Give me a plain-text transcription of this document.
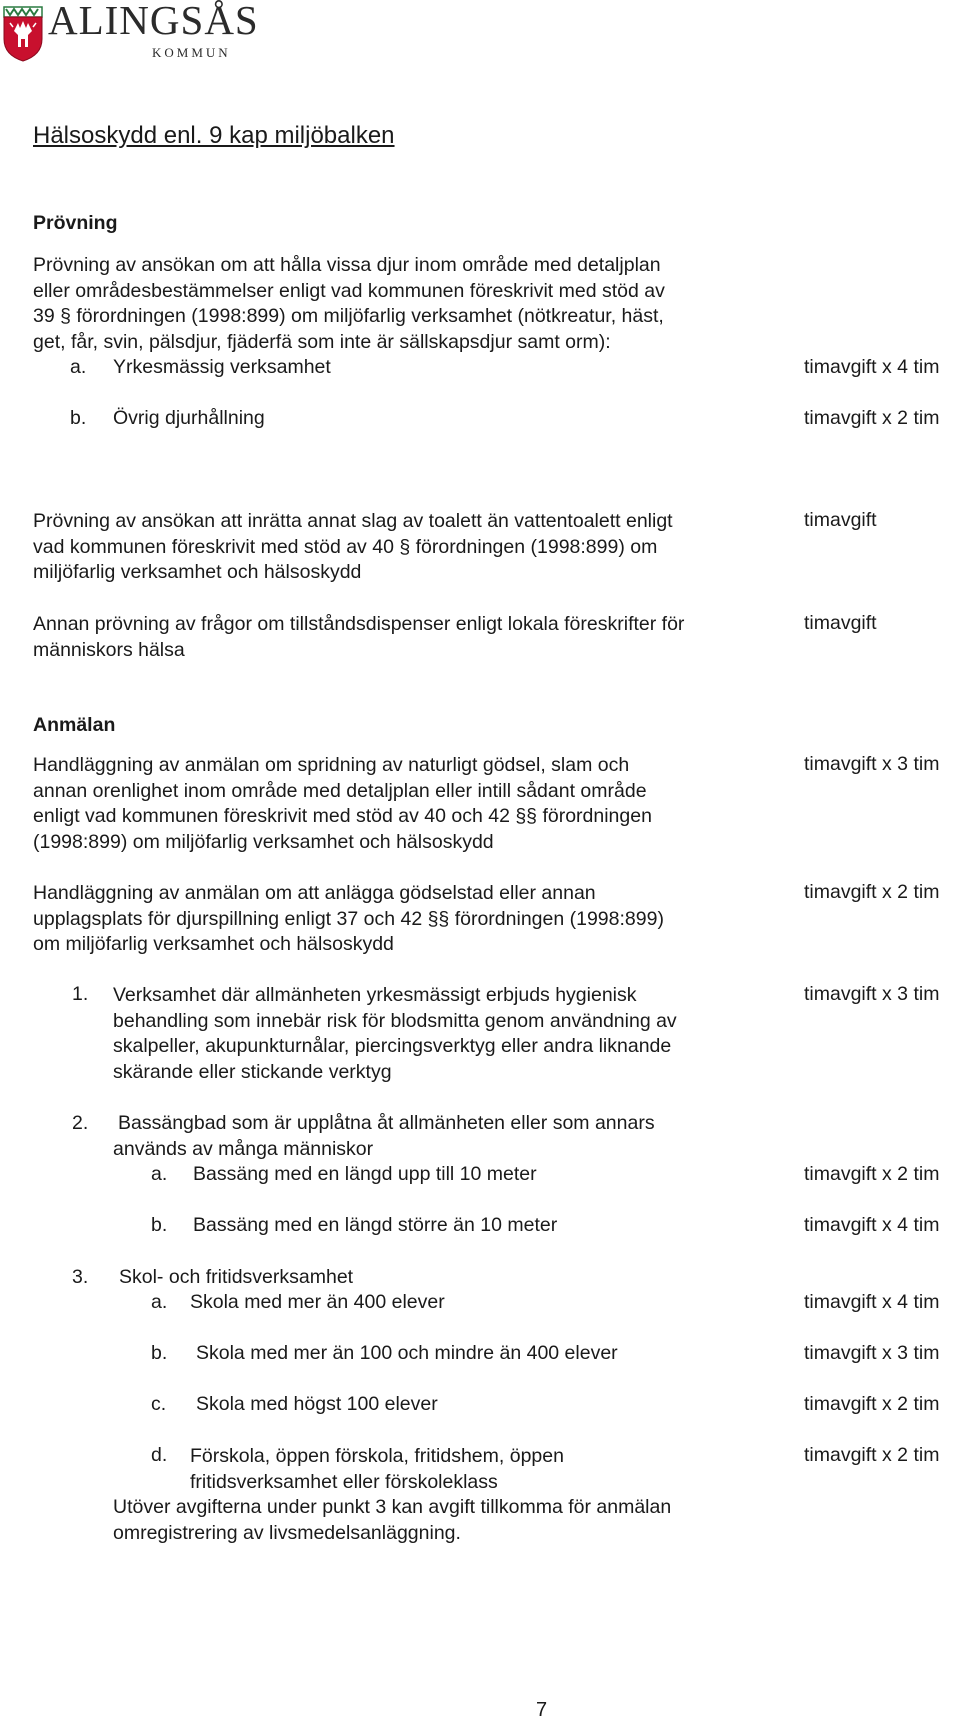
ALINGSÅS
KOMMUN
Hälsoskydd enl. 9 kap miljöbalken
Prövning
Prövning av ansökan om att hålla vissa djur inom område med detaljplan
eller områdesbestämmelser enligt vad kommunen föreskrivit med stöd av
39 § förordningen (1998:899) om miljöfarlig verksamhet (nötkreatur, häst,
get, får, svin, pälsdjur, fjäderfä som inte är sällskapsdjur samt orm):
a. Yrkesmässig verksamhet	timavgift x 4 tim
b. Övrig djurhållning	timavgift x 2 tim
Prövning av ansökan att inrätta annat slag av toalett än vattentoalett enligt
vad kommunen föreskrivit med stöd av 40 § förordningen (1998:899) om
miljöfarlig verksamhet och hälsoskydd
timavgift
Annan prövning av frågor om tillståndsdispenser enligt lokala föreskrifter för
människors hälsa
timavgift
Anmälan
Handläggning av anmälan om spridning av naturligt gödsel, slam och
annan orenlighet inom område med detaljplan eller intill sådant område
enligt vad kommunen föreskrivit med stöd av 40 och 42 §§ förordningen
(1998:899) om miljöfarlig verksamhet och hälsoskydd
timavgift x 3 tim
Handläggning av anmälan om att anlägga gödselstad eller annan
upplagsplats för djurspillning enligt 37 och 42 §§ förordningen (1998:899)
om miljöfarlig verksamhet och hälsoskydd
timavgift x 2 tim
1. Verksamhet där allmänheten yrkesmässigt erbjuds hygienisk
behandling som innebär risk för blodsmitta genom användning av
skalpeller, akupunkturnålar, piercingsverktyg eller andra liknande
skärande eller stickande verktyg
timavgift x 3 tim
2. Bassängbad som är upplåtna åt allmänheten eller som annars
används av många människor
a. Bassäng med en längd upp till 10 meter	timavgift x 2 tim
b. Bassäng med en längd större än 10 meter	timavgift x 4 tim
3. Skol- och fritidsverksamhet
a. Skola med mer än 400 elever	timavgift x 4 tim
b. Skola med mer än 100 och mindre än 400 elever	timavgift x 3 tim
c. Skola med högst 100 elever	timavgift x 2 tim
d. Förskola, öppen förskola, fritidshem, öppen
fritidsverksamhet eller förskoleklass
timavgift x 2 tim
Utöver avgifterna under punkt 3 kan avgift tillkomma för anmälan
omregistrering av livsmedelsanläggning.
7
